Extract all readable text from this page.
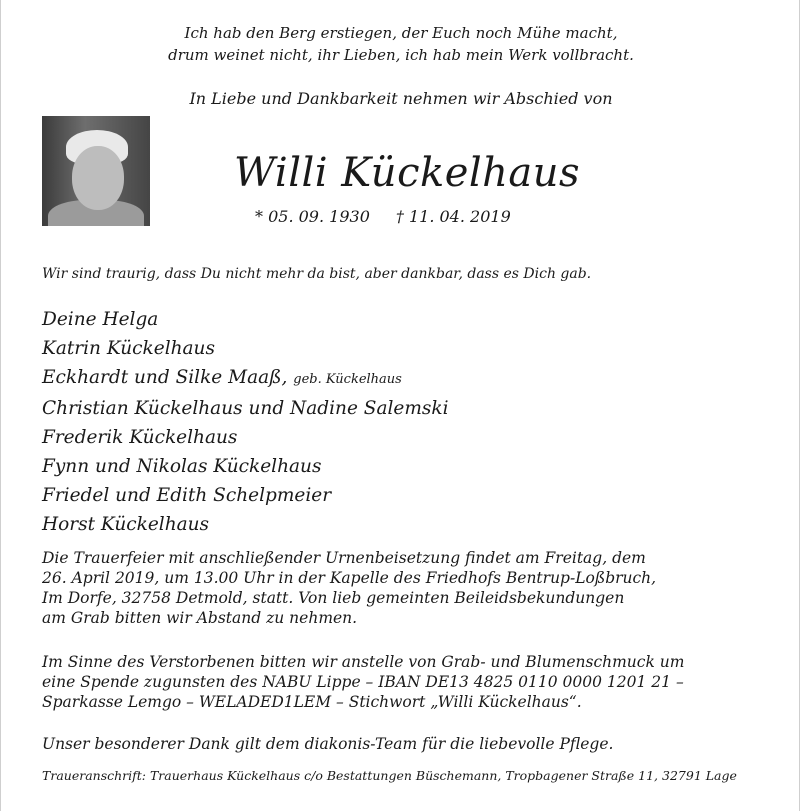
Ich hab den Berg erstiegen, der Euch noch Mühe macht,
drum weinet nicht, ihr Lieben, ich hab mein Werk vollbracht.
In Liebe und Dankbarkeit nehmen wir Abschied von
Willi Kückelhaus
* 05. 09. 1930 † 11. 04. 2019
Wir sind traurig, dass Du nicht mehr da bist, aber dankbar, dass es Dich gab.
Deine Helga
Katrin Kückelhaus
Eckhardt und Silke Maaß, geb. Kückelhaus
Christian Kückelhaus und Nadine Salemski
Frederik Kückelhaus
Fynn und Nikolas Kückelhaus
Friedel und Edith Schelpmeier
Horst Kückelhaus
Die Trauerfeier mit anschließender Urnenbeisetzung findet am Freitag, dem
26. April 2019, um 13.00 Uhr in der Kapelle des Friedhofs Bentrup-Loßbruch,
Im Dorfe, 32758 Detmold, statt. Von lieb gemeinten Beileidsbekundungen
am Grab bitten wir Abstand zu nehmen.
Im Sinne des Verstorbenen bitten wir anstelle von Grab- und Blumenschmuck um
eine Spende zugunsten des NABU Lippe – IBAN DE13 4825 0110 0000 1201 21 –
Sparkasse Lemgo – WELADED1LEM – Stichwort „Willi Kückelhaus“.
Unser besonderer Dank gilt dem diakonis-Team für die liebevolle Pflege.
Traueranschrift: Trauerhaus Kückelhaus c/o Bestattungen Büschemann, Tropbagener Straße 11, 32791 Lage
